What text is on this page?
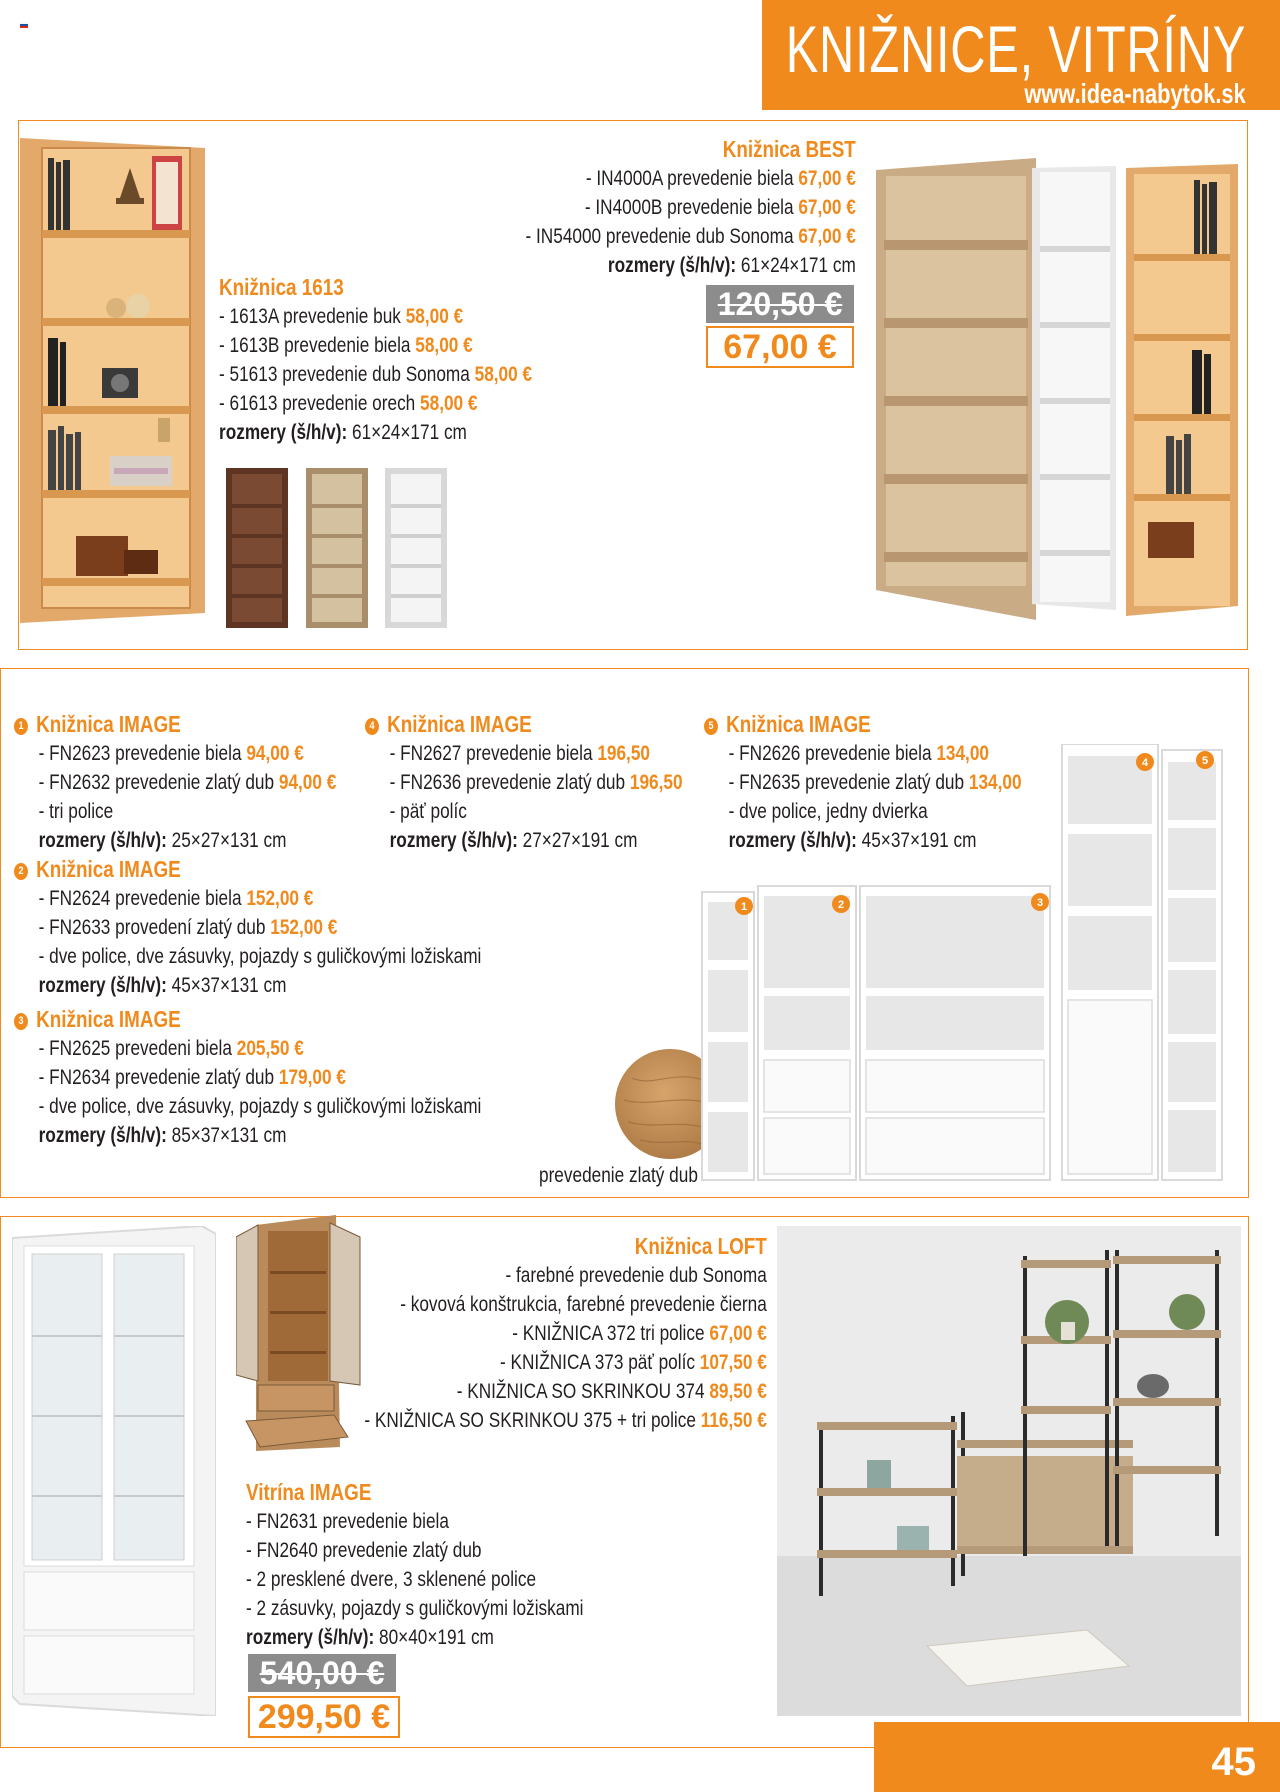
KNIŽNICE, VITRÍNY
www.idea-nabytok.sk
Knižnica 1613
- 1613A prevedenie buk 58,00 €
- 1613B prevedenie biela 58,00 €
- 51613 prevedenie dub Sonoma 58,00 €
- 61613 prevedenie orech 58,00 €
rozmery (š/h/v): 61×24×171 cm
Knižnica BEST
- IN4000A prevedenie biela 67,00 €
- IN4000B prevedenie biela 67,00 €
- IN54000 prevedenie dub Sonoma 67,00 €
rozmery (š/h/v): 61×24×171 cm
120,50 €
67,00 €
1 Knižnica IMAGE
- FN2623 prevedenie biela 94,00 €
- FN2632 prevedenie zlatý dub 94,00 €
- tri police
rozmery (š/h/v): 25×27×131 cm
2 Knižnica IMAGE
- FN2624 prevedenie biela 152,00 €
- FN2633 provedení zlatý dub 152,00 €
- dve police, dve zásuvky, pojazdy s guličkovými ložiskami
rozmery (š/h/v): 45×37×131 cm
3 Knižnica IMAGE
- FN2625 prevedeni biela 205,50 €
- FN2634 prevedenie zlatý dub 179,00 €
- dve police, dve zásuvky, pojazdy s guličkovými ložiskami
rozmery (š/h/v): 85×37×131 cm
4 Knižnica IMAGE
- FN2627 prevedenie biela 196,50
- FN2636 prevedenie zlatý dub 196,50
- päť políc
rozmery (š/h/v): 27×27×191 cm
5 Knižnica IMAGE
- FN2626 prevedenie biela 134,00
- FN2635 prevedenie zlatý dub 134,00
- dve police, jedny dvierka
rozmery (š/h/v): 45×37×191 cm
prevedenie zlatý dub
1	2	3
4	5
Knižnica LOFT
- farebné prevedenie dub Sonoma
- kovová konštrukcia, farebné prevedenie čierna
- KNIŽNICA 372 tri police 67,00 €
- KNIŽNICA 373 päť políc 107,50 €
- KNIŽNICA SO SKRINKOU 374 89,50 €
- KNIŽNICA SO SKRINKOU 375 + tri police 116,50 €
Vitrína IMAGE
- FN2631 prevedenie biela
- FN2640 prevedenie zlatý dub
- 2 presklené dvere, 3 sklenené police
- 2 zásuvky, pojazdy s guličkovými ložiskami
rozmery (š/h/v): 80×40×191 cm
540,00 €
299,50 €
45
